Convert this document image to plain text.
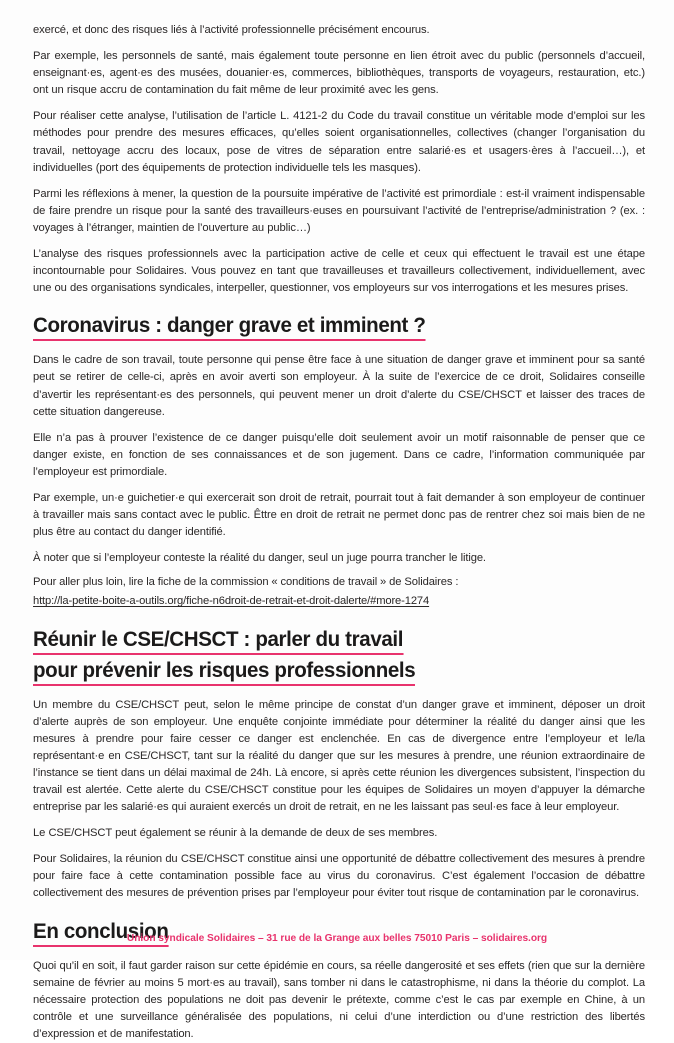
exercé, et donc des risques liés à l’activité professionnelle précisément encourus.

Par exemple, les personnels de santé, mais également toute personne en lien étroit avec du public (personnels d’accueil, enseignant·es, agent·es des musées, douanier·es, commerces, bibliothèques, transports de voyageurs, restauration, etc.) ont un risque accru de contamination du fait même de leur proximité avec les gens.

Pour réaliser cette analyse, l’utilisation de l’article L. 4121-2 du Code du travail constitue un véritable mode d’emploi sur les méthodes pour prendre des mesures efficaces, qu’elles soient organisationnelles, collectives (changer l’organisation du travail, nettoyage accru des locaux, pose de vitres de séparation entre salarié·es et usagers·ères à l’accueil…), et individuelles (port des équipements de protection individuelle tels les masques).

Parmi les réflexions à mener, la question de la poursuite impérative de l’activité est primordiale : est-il vraiment indispensable de faire prendre un risque pour la santé des travailleurs·euses en poursuivant l’activité de l’entreprise/administration ? (ex. : voyages à l’étranger, maintien de l’ouverture au public…)

L’analyse des risques professionnels avec la participation active de celle et ceux qui effectuent le travail est une étape incontournable pour Solidaires. Vous pouvez en tant que travailleuses et travailleurs collectivement, individuellement, avec une ou des organisations syndicales, interpeller, questionner, vos employeurs sur vos interrogations et les mesures prises.

Coronavirus : danger grave et imminent ?

Dans le cadre de son travail, toute personne qui pense être face à une situation de danger grave et imminent pour sa santé peut se retirer de celle-ci, après en avoir averti son employeur. À la suite de l’exercice de ce droit, Solidaires conseille d’avertir les représentant·es des personnels, qui peuvent mener un droit d’alerte du CSE/CHSCT et laisser des traces de cette situation dangereuse.

Elle n’a pas à prouver l’existence de ce danger puisqu’elle doit seulement avoir un motif raisonnable de penser que ce danger existe, en fonction de ses connaissances et de son jugement. Dans ce cadre, l’information communiquée par l’employeur est primordiale.

Par exemple, un·e guichetier·e qui exercerait son droit de retrait, pourrait tout à fait demander à son employeur de continuer à travailler mais sans contact avec le public. Êttre en droit de retrait ne permet donc pas de rentrer chez soi mais bien de ne plus être au contact du danger identifié.

À noter que si l’employeur conteste la réalité du danger, seul un juge pourra trancher le litige.

Pour aller plus loin, lire la fiche de la commission « conditions de travail » de Solidaires :

http://la-petite-boite-a-outils.org/fiche-n6droit-de-retrait-et-droit-dalerte/#more-1274
Réunir le CSE/CHSCT : parler du travail
pour prévenir les risques professionnels

Un membre du CSE/CHSCT peut, selon le même principe de constat d’un danger grave et imminent, déposer un droit d’alerte auprès de son employeur. Une enquête conjointe immédiate pour déterminer la réalité du danger ainsi que les mesures à prendre pour faire cesser ce danger est enclenchée. En cas de divergence entre l’employeur et le/la représentant·e en CSE/CHSCT, tant sur la réalité du danger que sur les mesures à prendre, une réunion extraordinaire de l’instance se tient dans un délai maximal de 24h. Là encore, si après cette réunion les divergences subsistent, l’inspection du travail est alertée. Cette alerte du CSE/CHSCT constitue pour les équipes de Solidaires un moyen d’appuyer la démarche entreprise par les salarié·es qui auraient exercés un droit de retrait, en ne les laissant pas seul·es face à leur employeur.

Le CSE/CHSCT peut également se réunir à la demande de deux de ses membres.

Pour Solidaires, la réunion du CSE/CHSCT constitue ainsi une opportunité de débattre collectivement des mesures à prendre pour faire face à cette contamination possible face au virus du coronavirus. C’est également l’occasion de débattre collectivement des mesures de prévention prises par l’employeur pour éviter tout risque de contamination par le coronavirus.

En conclusion

Quoi qu’il en soit, il faut garder raison sur cette épidémie en cours, sa réelle dangerosité et ses effets (rien que sur la dernière semaine de février au moins 5 mort·es au travail), sans tomber ni dans le catastrophisme, ni dans la théorie du complot. La nécessaire protection des populations ne doit pas devenir le prétexte, comme c’est le cas par exemple en Chine, à un contrôle et une surveillance généralisée des populations, ni celui d’une interdiction ou d’une restriction des libertés d’expression et de manifestation.

Union syndicale Solidaires – 31 rue de la Grange aux belles 75010 Paris – solidaires.org
